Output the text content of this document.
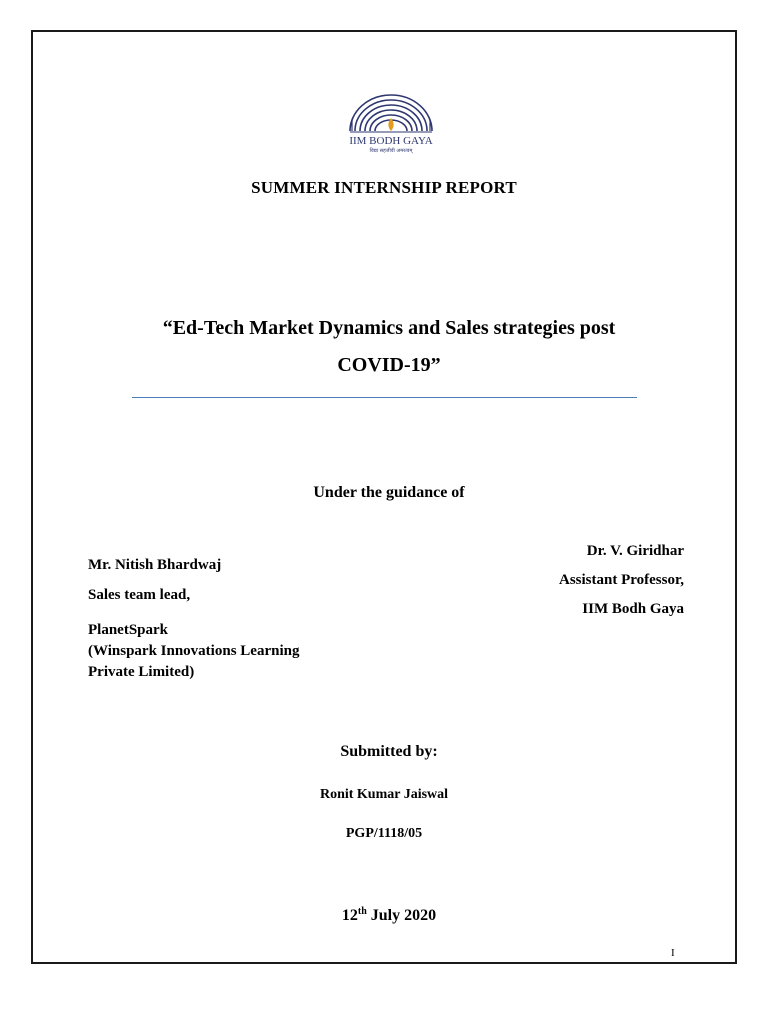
IIM BODH GAYA
विद्या सहजीवी अमरत्वम्
SUMMER INTERNSHIP REPORT
“Ed-Tech Market Dynamics and Sales strategies post
COVID-19”
Under the guidance of
Mr. Nitish Bhardwaj
Sales team lead,
PlanetSpark
(Winspark Innovations Learning
Private Limited)
Dr. V. Giridhar
Assistant Professor,
IIM Bodh Gaya
Submitted by:
Ronit Kumar Jaiswal
PGP/1118/05
12th July 2020
I
